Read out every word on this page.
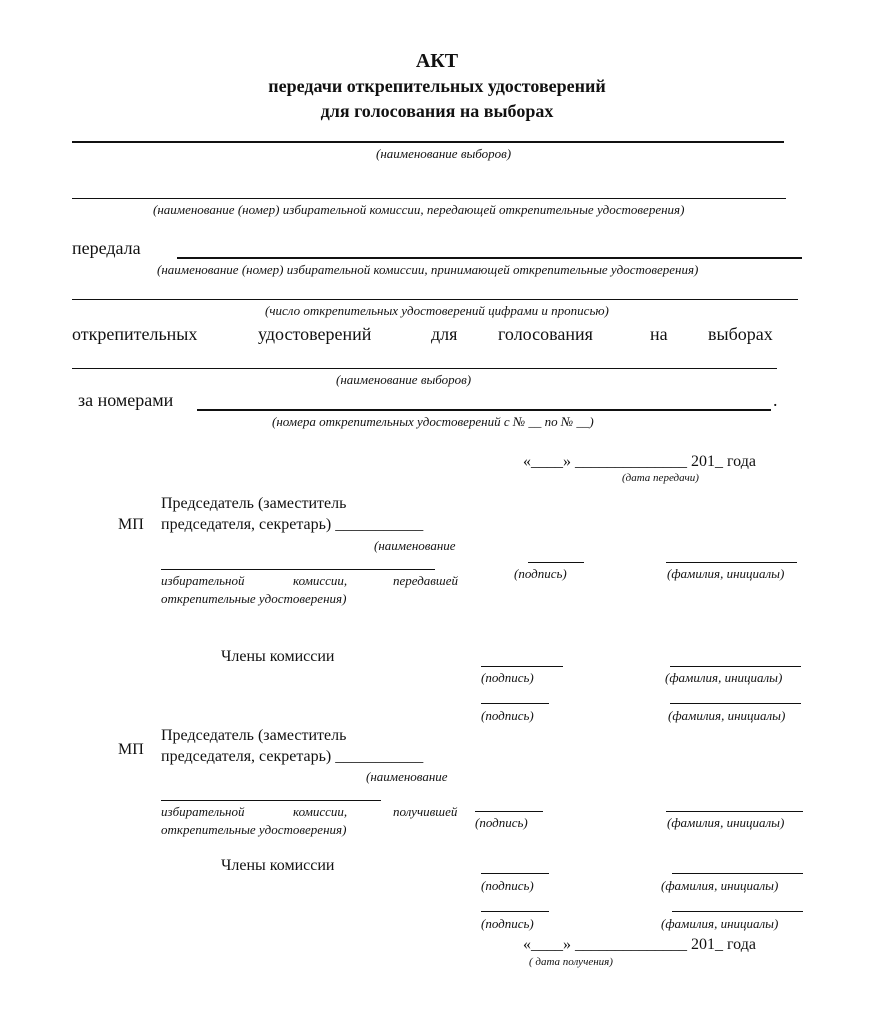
АКТ
передачи открепительных удостоверений
для голосования на выборах
(наименование выборов)
(наименование (номер) избирательной комиссии, передающей открепительные удостоверения)
передала
(наименование (номер) избирательной комиссии, принимающей открепительные удостоверения)
(число открепительных удостоверений цифрами и прописью)
открепительных	удостоверений	для голосования	на выборах
(наименование выборов)
за номерами	.
(номера открепительных удостоверений с № __ по № __)
«____» ______________ 201_ года
(дата передачи)
МП
Председатель (заместитель
председателя, секретарь) ___________
(наименование
избирательной	комиссии,	передавшей
открепительные удостоверения)
(подпись)	(фамилия, инициалы)
Члены комиссии
(подпись)	(фамилия, инициалы)
(подпись)	(фамилия, инициалы)
МП
Председатель (заместитель
председателя, секретарь) ___________
(наименование
избирательной	комиссии,	получившей
открепительные удостоверения)	(подпись)	(фамилия, инициалы)
Члены комиссии
(подпись)	(фамилия, инициалы)
(подпись)	(фамилия, инициалы)
«____» ______________ 201_ года
( дата получения)
